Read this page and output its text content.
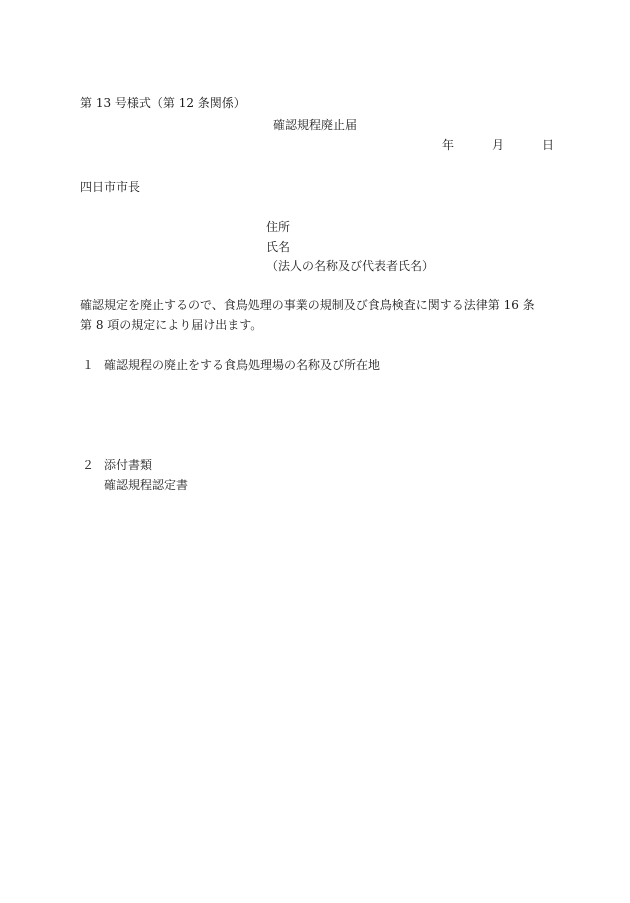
第 13 号様式（第 12 条関係）

確認規程廃止届

年	月	日

四日市市長

住所

氏名

（法人の名称及び代表者氏名）

確認規定を廃止するので、食鳥処理の事業の規制及び食鳥検査に関する法律第 16 条

第 8 項の規定により届け出ます。

１ 確認規程の廃止をする食鳥処理場の名称及び所在地

２ 添付書類

確認規程認定書
